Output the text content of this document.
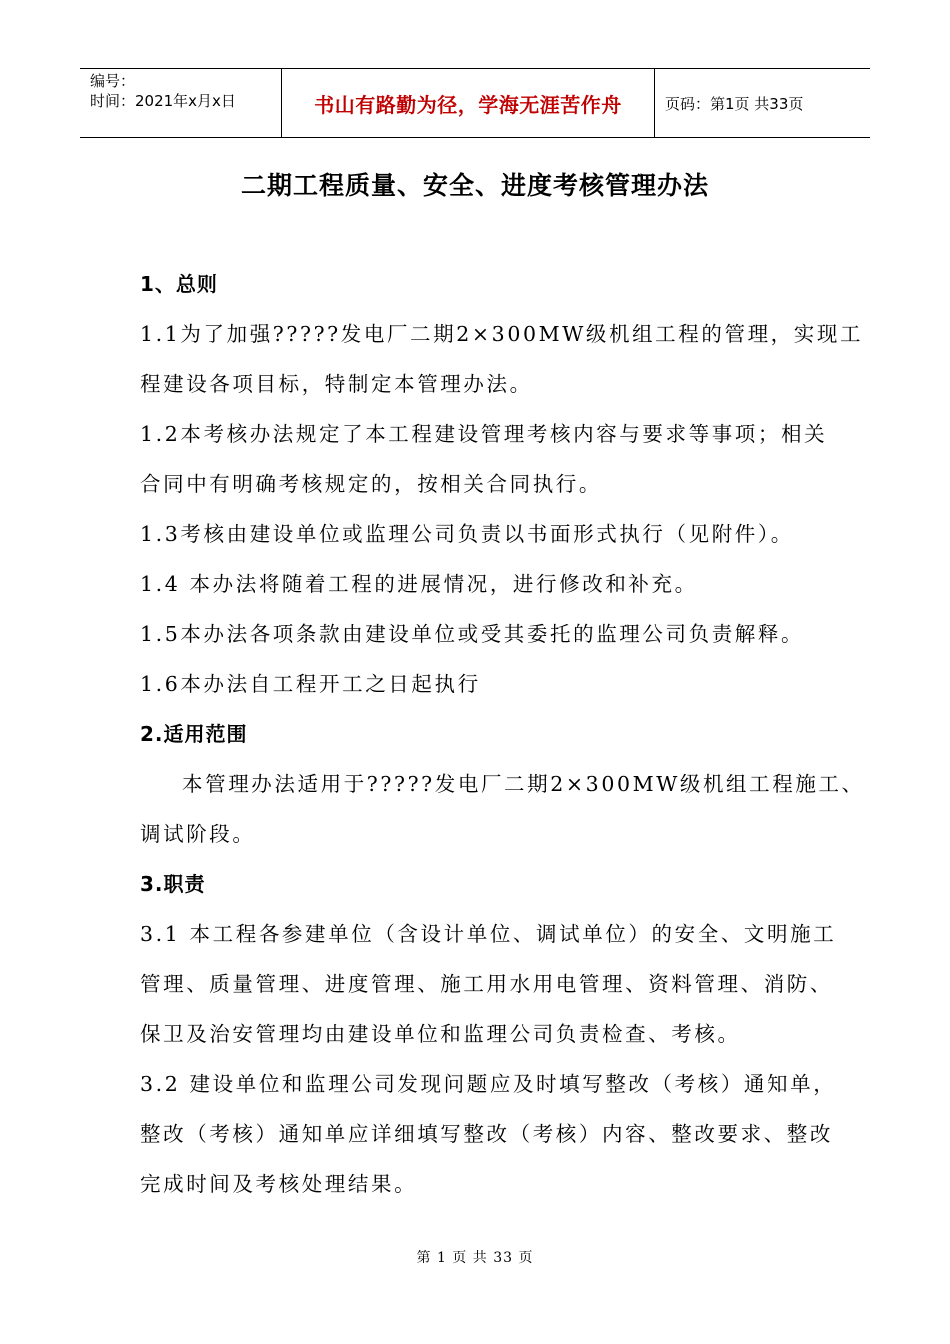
编号：
时间：2021年x月x日	书山有路勤为径，学海无涯苦作舟	页码：第1页 共33页
二期工程质量、安全、进度考核管理办法
1、总则
1.1为了加强?????发电厂二期2×300MW级机组工程的管理，实现工
程建设各项目标，特制定本管理办法。
1.2本考核办法规定了本工程建设管理考核内容与要求等事项；相关
合同中有明确考核规定的，按相关合同执行。
1.3考核由建设单位或监理公司负责以书面形式执行（见附件）。
1.4 本办法将随着工程的进展情况，进行修改和补充。
1.5本办法各项条款由建设单位或受其委托的监理公司负责解释。
1.6本办法自工程开工之日起执行
2.适用范围
本管理办法适用于?????发电厂二期2×300MW级机组工程施工、
调试阶段。
3.职责
3.1 本工程各参建单位（含设计单位、调试单位）的安全、文明施工
管理、质量管理、进度管理、施工用水用电管理、资料管理、消防、
保卫及治安管理均由建设单位和监理公司负责检查、考核。
3.2 建设单位和监理公司发现问题应及时填写整改（考核）通知单，
整改（考核）通知单应详细填写整改（考核）内容、整改要求、整改
完成时间及考核处理结果。
第 1 页 共 33 页
